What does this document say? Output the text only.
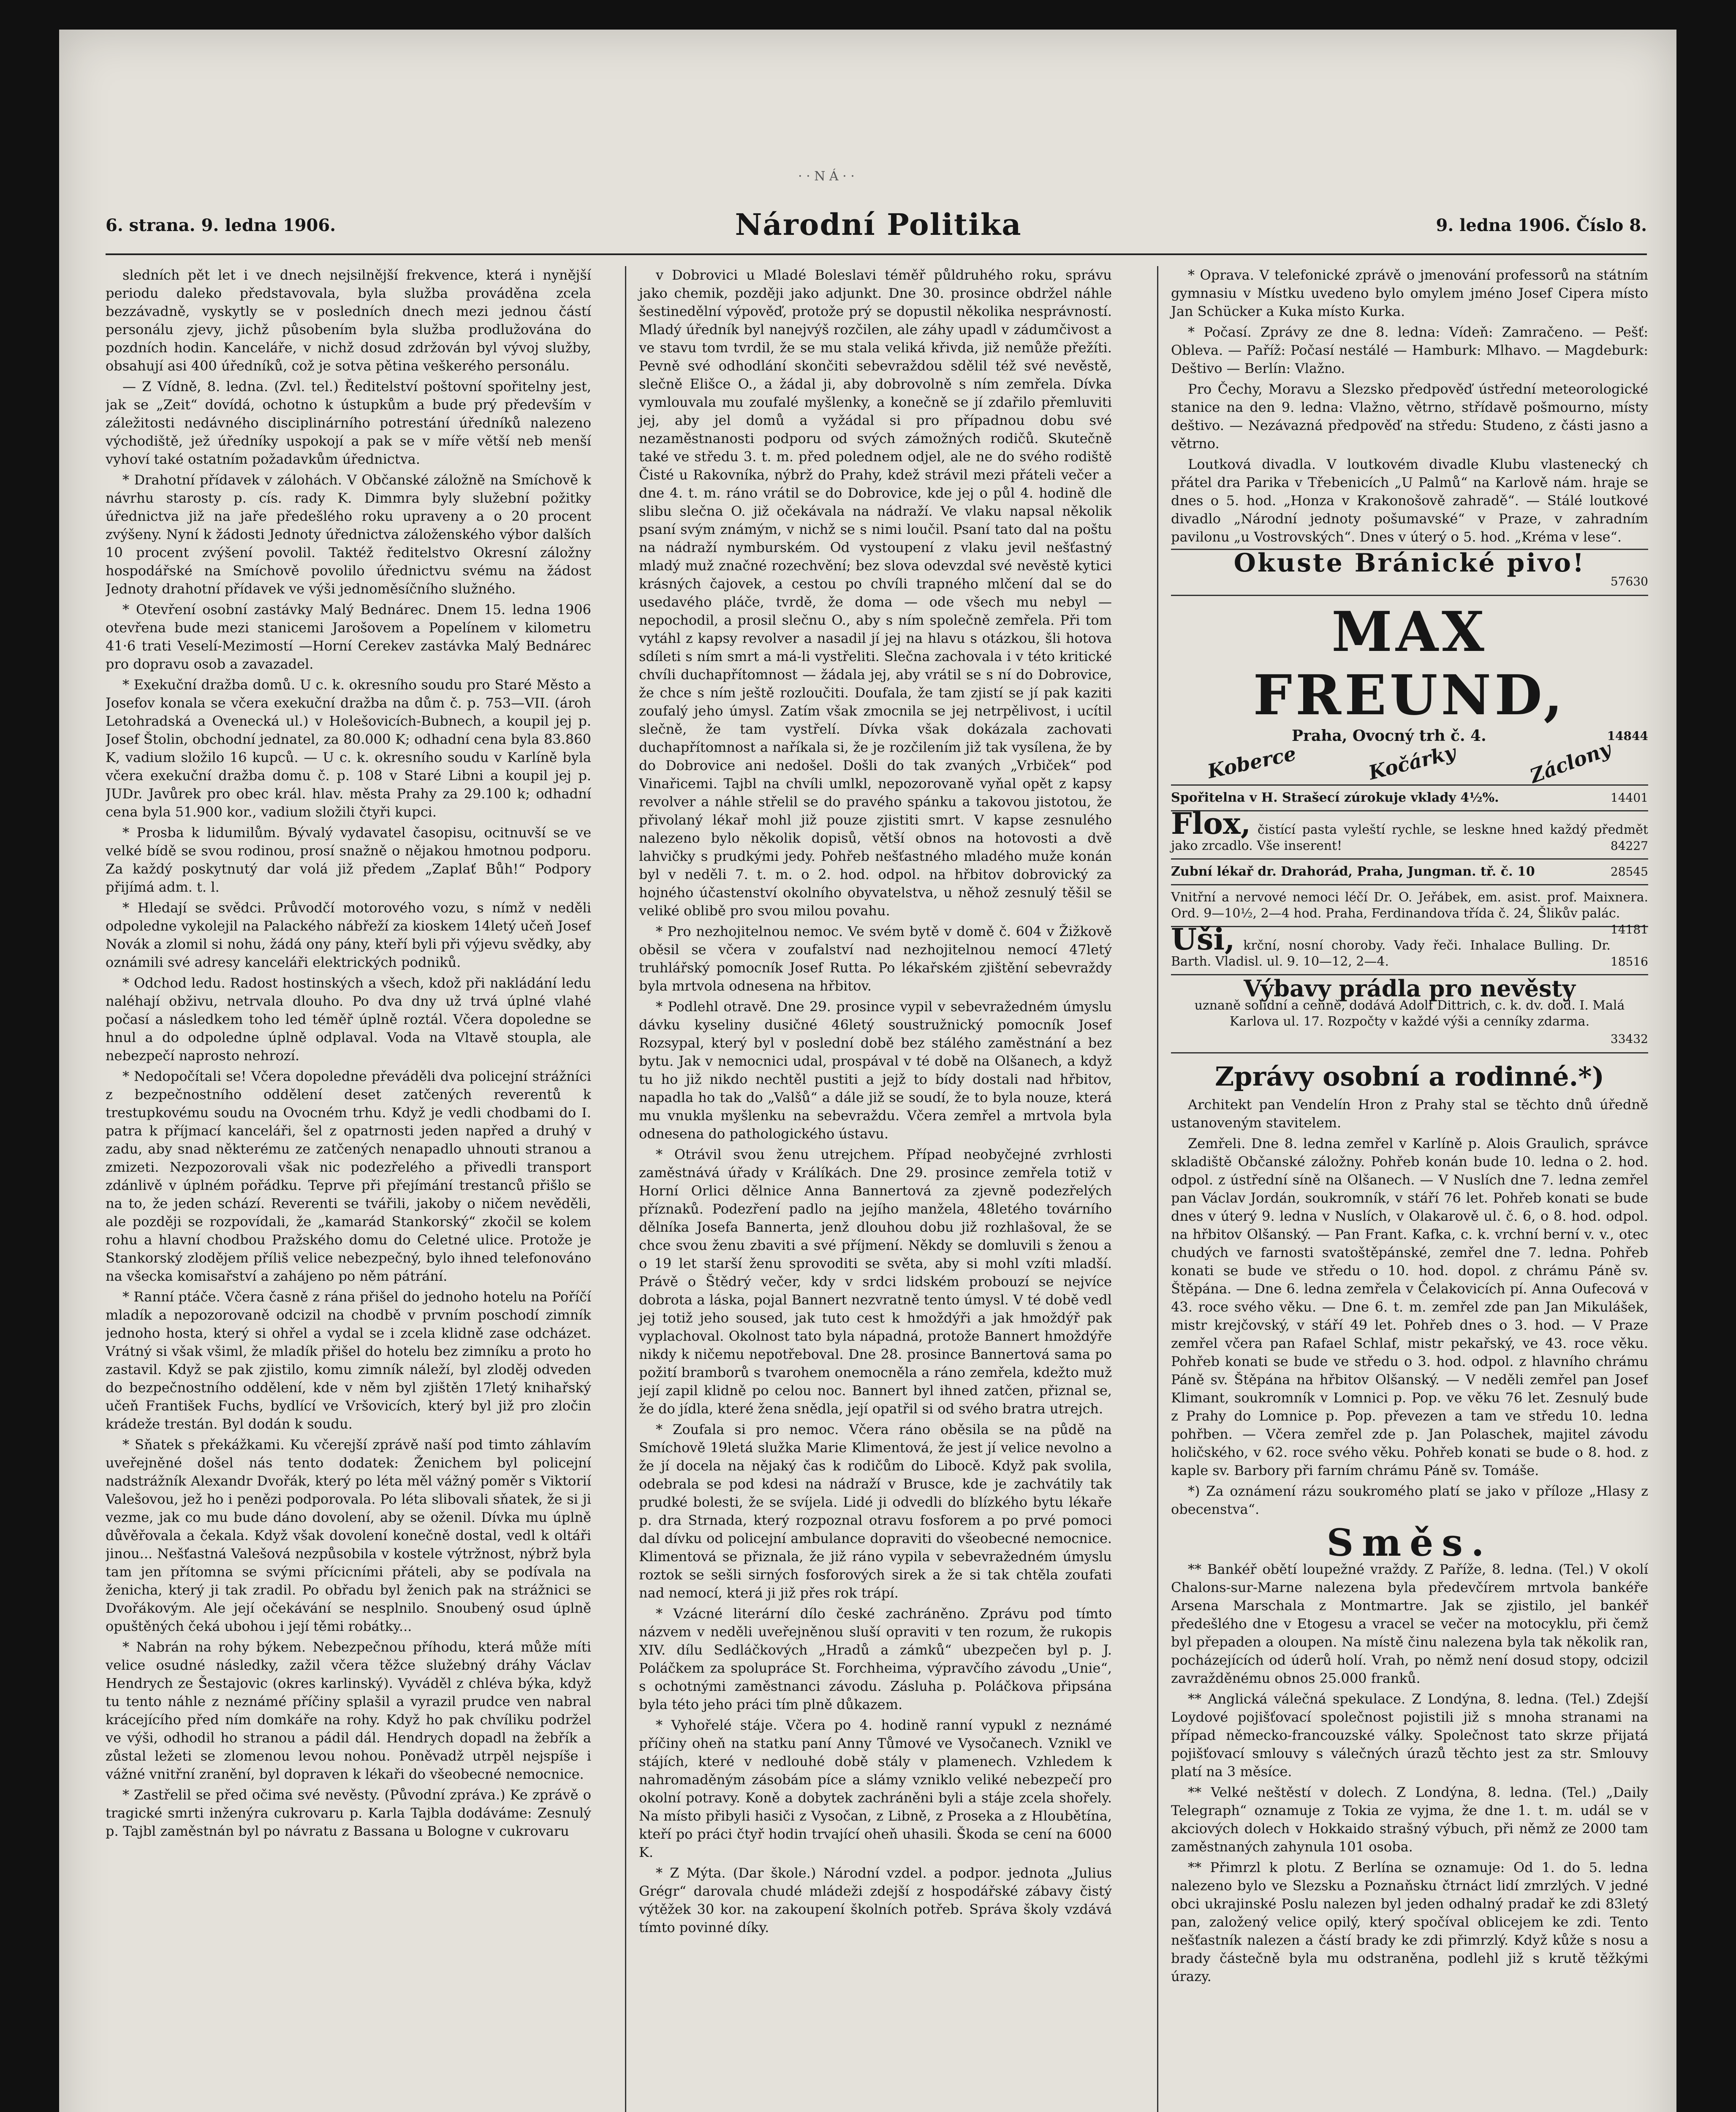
· · N Á · ·
6. strana. 9. ledna 1906.	Národní Politika	9. ledna 1906. Číslo 8.

sledních pět let i ve dnech nejsilnější frekvence, která i nynější periodu daleko představovala, byla služba prováděna zcela bezzávadně, vyskytly se v posledních dnech mezi jednou částí personálu zjevy, jichž působením byla služba prodlužována do pozdních hodin. Kanceláře, v nichž dosud zdržován byl vývoj služby, obsahují asi 400 úředníků, což je sotva pětina veškerého personálu.

— Z Vídně, 8. ledna. (Zvl. tel.) Ředitelství poštovní spořitelny jest, jak se „Zeit“ dovídá, ochotno k ústupkům a bude prý především v záležitosti nedávného disciplinárního potrestání úředníků nalezeno východiště, jež úředníky uspokojí a pak se v míře větší neb menší vyhoví také ostatním požadavkům úřednictva.

* Drahotní přídavek v zálohách. V Občanské záložně na Smíchově k návrhu starosty p. cís. rady K. Dimmra byly služební požitky úřednictva již na jaře předešlého roku upraveny a o 20 procent zvýšeny. Nyní k žádosti Jednoty úřednictva záloženského výbor dalších 10 procent zvýšení povolil. Taktéž ředitelstvo Okresní záložny hospodářské na Smíchově povolilo úřednictvu svému na žádost Jednoty drahotní přídavek ve výši jednoměsíčního služného.

* Otevření osobní zastávky Malý Bednárec. Dnem 15. ledna 1906 otevřena bude mezi stanicemi Jarošovem a Popelínem v kilometru 41·6 trati Veselí-Mezimostí —Horní Cerekev zastávka Malý Bednárec pro dopravu osob a zavazadel.

* Exekuční dražba domů. U c. k. okresního soudu pro Staré Město a Josefov konala se včera exekuční dražba na dům č. p. 753—VII. (ároh Letohradská a Ovenecká ul.) v Holešovicích-Bubnech, a koupil jej p. Josef Štolin, obchodní jednatel, za 80.000 K; odhadní cena byla 83.860 K, vadium složilo 16 kupců. — U c. k. okresního soudu v Karlíně byla včera exekuční dražba domu č. p. 108 v Staré Libni a koupil jej p. JUDr. Javůrek pro obec král. hlav. města Prahy za 29.100 k; odhadní cena byla 51.900 kor., vadium složili čtyři kupci.

* Prosba k lidumilům. Bývalý vydavatel časopisu, ocitnuvší se ve velké bídě se svou rodinou, prosí snažně o nějakou hmotnou podporu. Za každý poskytnutý dar volá již předem „Zaplať Bůh!“ Podpory přijímá adm. t. l.

* Hledají se svědci. Průvodčí motorového vozu, s nímž v neděli odpoledne vykolejil na Palackého nábřeží za kioskem 14letý učeň Josef Novák a zlomil si nohu, žádá ony pány, kteří byli při výjevu svědky, aby oznámili své adresy kanceláři elektrických podniků.

* Odchod ledu. Radost hostinských a všech, kdož při nakládání ledu naléhají obživu, netrvala dlouho. Po dva dny už trvá úplné vlahé počasí a následkem toho led téměř úplně roztál. Včera dopoledne se hnul a do odpoledne úplně odplaval. Voda na Vltavě stoupla, ale nebezpečí naprosto nehrozí.

* Nedopočítali se! Včera dopoledne převáděli dva policejní strážníci z bezpečnostního oddělení deset zatčených reverentů k trestupkovému soudu na Ovocném trhu. Když je vedli chodbami do I. patra k příjmací kanceláři, šel z opatrnosti jeden napřed a druhý v zadu, aby snad některému ze zatčených nenapadlo uhnouti stranou a zmizeti. Nezpozorovali však nic podezřelého a přivedli transport zdánlivě v úplném pořádku. Teprve při přejímání trestanců přišlo se na to, že jeden schází. Reverenti se tvářili, jakoby o ničem nevěděli, ale později se rozpovídali, že „kamarád Stankorský“ zkočil se kolem rohu a hlavní chodbou Pražského domu do Celetné ulice. Protože je Stankorský zlodějem příliš velice nebezpečný, bylo ihned telefonováno na všecka komisařství a zahájeno po něm pátrání.

* Ranní ptáče. Včera časně z rána přišel do jednoho hotelu na Poříčí mladík a nepozorovaně odcizil na chodbě v prvním poschodí zimník jednoho hosta, který si ohřel a vydal se i zcela klidně zase odcházet. Vrátný si však všiml, že mladík přišel do hotelu bez zimníku a proto ho zastavil. Když se pak zjistilo, komu zimník náleží, byl zloděj odveden do bezpečnostního oddělení, kde v něm byl zjištěn 17letý knihařský učeň František Fuchs, bydlící ve Vršovicích, který byl již pro zločin krádeže trestán. Byl dodán k soudu.

* Sňatek s překážkami. Ku včerejší zprávě naší pod timto záhlavím uveřejněné došel nás tento dodatek: Ženichem byl policejní nadstrážník Alexandr Dvořák, který po léta měl vážný poměr s Viktorií Valešovou, jež ho i penězi podporovala. Po léta slibovali sňatek, že si ji vezme, jak co mu bude dáno dovolení, aby se oženil. Dívka mu úplně důvěřovala a čekala. Když však dovolení konečně dostal, vedl k oltáři jinou... Nešťastná Valešová nezpůsobila v kostele výtržnost, nýbrž byla tam jen přítomna se svými přícicními přáteli, aby se podívala na ženicha, který ji tak zradil. Po obřadu byl ženich pak na strážnici se Dvořákovým. Ale její očekávání se nesplnilo. Snoubený osud úplně opuštěných čeká ubohou i její těmi robátky...

* Nabrán na rohy býkem. Nebezpečnou příhodu, která může míti velice osudné následky, zažil včera těžce služebný dráhy Václav Hendrych ze Šestajovic (okres karlinský). Vyváděl z chléva býka, když tu tento náhle z neznámé příčiny splašil a vyrazil prudce ven nabral krácejícího před ním domkáře na rohy. Když ho pak chvíliku podržel ve výši, odhodil ho stranou a pádil dál. Hendrych dopadl na žebřík a zůstal ležeti se zlomenou levou nohou. Poněvadž utrpěl nejspíše i vážné vnitřní zranění, byl dopraven k lékaři do všeobecné nemocnice.

* Zastřelil se před očima své nevěsty. (Původní zpráva.) Ke zprávě o tragické smrti inženýra cukrovaru p. Karla Tajbla dodáváme: Zesnulý p. Tajbl zaměstnán byl po návratu z Bassana u Bologne v cukrovaru

v Dobrovici u Mladé Boleslavi téměř půldruhého roku, správu jako chemik, později jako adjunkt. Dne 30. prosince obdržel náhle šestinedělní výpověď, protože prý se dopustil několika nesprávností. Mladý úředník byl nanejvýš rozčilen, ale záhy upadl v zádumčivost a ve stavu tom tvrdil, že se mu stala veliká křivda, již nemůže přežíti. Pevně své odhodlání skončiti sebevraždou sdělil též své nevěstě, slečně Elišce O., a žádal ji, aby dobrovolně s ním zemřela. Dívka vymlouvala mu zoufalé myšlenky, a konečně se jí zdařilo přemluviti jej, aby jel domů a vyžádal si pro případnou dobu své nezaměstnanosti podporu od svých zámožných rodičů. Skutečně také ve středu 3. t. m. před polednem odjel, ale ne do svého rodiště Čisté u Rakovníka, nýbrž do Prahy, kdež strávil mezi přáteli večer a dne 4. t. m. ráno vrátil se do Dobrovice, kde jej o půl 4. hodině dle slibu slečna O. již očekávala na nádraží. Ve vlaku napsal několik psaní svým známým, v nichž se s nimi loučil. Psaní tato dal na poštu na nádraží nymburském. Od vystoupení z vlaku jevil nešťastný mladý muž značné rozechvění; bez slova odevzdal své nevěstě kytici krásných čajovek, a cestou po chvíli trapného mlčení dal se do usedavého pláče, tvrdě, že doma — ode všech mu nebyl — nepochodil, a prosil slečnu O., aby s ním společně zemřela. Při tom vytáhl z kapsy revolver a nasadil jí jej na hlavu s otázkou, šli hotova sdíleti s ním smrt a má-li vystřeliti. Slečna zachovala i v této kritické chvíli duchapřítomnost — žádala jej, aby vrátil se s ní do Dobrovice, že chce s ním ještě rozloučiti. Doufala, že tam zjistí se jí pak kaziti zoufalý jeho úmysl. Zatím však zmocnila se jej netrpělivost, i ucítil slečně, že tam vystřelí. Dívka však dokázala zachovati duchapřítomnost a naříkala si, že je rozčilením již tak vysílena, že by do Dobrovice ani nedošel. Došli do tak zvaných „Vrbiček“ pod Vinařicemi. Tajbl na chvíli umlkl, nepozorovaně vyňal opět z kapsy revolver a náhle střelil se do pravého spánku a takovou jistotou, že přivolaný lékař mohl již pouze zjistiti smrt. V kapse zesnulého nalezeno bylo několik dopisů, větší obnos na hotovosti a dvě lahvičky s prudkými jedy. Pohřeb nešťastného mladého muže konán byl v neděli 7. t. m. o 2. hod. odpol. na hřbitov dobrovický za hojného účastenství okolního obyvatelstva, u něhož zesnulý těšil se veliké oblibě pro svou milou povahu.

* Pro nezhojitelnou nemoc. Ve svém bytě v domě č. 604 v Žižkově oběsil se včera v zoufalství nad nezhojitelnou nemocí 47letý truhlářský pomocník Josef Rutta. Po lékařském zjištění sebevraždy byla mrtvola odnesena na hřbitov.

* Podlehl otravě. Dne 29. prosince vypil v sebevražedném úmyslu dávku kyseliny dusičné 46letý soustružnický pomocník Josef Rozsypal, který byl v poslední době bez stálého zaměstnání a bez bytu. Jak v nemocnici udal, prospával v té době na Olšanech, a když tu ho již nikdo nechtěl pustiti a jejž to bídy dostali nad hřbitov, napadla ho tak do „Valšů“ a dále již se soudí, že to byla nouze, která mu vnukla myšlenku na sebevraždu. Včera zemřel a mrtvola byla odnesena do pathologického ústavu.

* Otrávil svou ženu utrejchem. Případ neobyčejné zvrhlosti zaměstnává úřady v Králíkách. Dne 29. prosince zemřela totiž v Horní Orlici dělnice Anna Bannertová za zjevně podezřelých příznaků. Podezření padlo na jejího manžela, 48letého továrního dělníka Josefa Bannerta, jenž dlouhou dobu již rozhlašoval, že se chce svou ženu zbaviti a své příjmení. Někdy se domluvili s ženou a o 19 let starší ženu sprovoditi se světa, aby si mohl vzíti mladší. Právě o Štědrý večer, kdy v srdci lidském probouzí se nejvíce dobrota a láska, pojal Bannert nezvratně tento úmysl. V té době vedl jej totiž jeho soused, jak tuto cest k hmoždýři a jak hmoždýř pak vyplachoval. Okolnost tato byla nápadná, protože Bannert hmoždýře nikdy k ničemu nepotřeboval. Dne 28. prosince Bannertová sama po požití bramborů s tvarohem onemocněla a ráno zemřela, kdežto muž její zapil klidně po celou noc. Bannert byl ihned zatčen, přiznal se, že do jídla, které žena snědla, její opatřil si od svého bratra utrejch.

* Zoufala si pro nemoc. Včera ráno oběsila se na půdě na Smíchově 19letá služka Marie Klimentová, že jest jí velice nevolno a že jí docela na nějaký čas k rodičům do Libocě. Když pak svolila, odebrala se pod kdesi na nádraží v Brusce, kde je zachvátily tak prudké bolesti, že se svíjela. Lidé ji odvedli do blízkého bytu lékaře p. dra Strnada, který rozpoznal otravu fosforem a po prvé pomoci dal dívku od policejní ambulance dopraviti do všeobecné nemocnice. Klimentová se přiznala, že již ráno vypila v sebevražedném úmyslu roztok se sešli sirných fosforových sirek a že si tak chtěla zoufati nad nemocí, která ji již přes rok trápí.

* Vzácné literární dílo české zachráněno. Zprávu pod tímto názvem v neděli uveřejněnou sluší opraviti v ten rozum, že rukopis XIV. dílu Sedláčkových „Hradů a zámků“ ubezpečen byl p. J. Poláčkem za spolupráce St. Forchheima, výpravčího závodu „Unie“, s ochotnými zaměstnanci závodu. Zásluha p. Poláčkova připsána byla této jeho práci tím plně důkazem.

* Vyhořelé stáje. Včera po 4. hodině ranní vypukl z neznámé příčiny oheň na statku paní Anny Tůmové ve Vysočanech. Vznikl ve stájích, které v nedlouhé době stály v plamenech. Vzhledem k nahromaděným zásobám píce a slámy vzniklo veliké nebezpečí pro okolní potravy. Koně a dobytek zachráněni byli a stáje zcela shořely. Na místo přibyli hasiči z Vysočan, z Libně, z Proseka a z Hloubětína, kteří po práci čtyř hodin trvající oheň uhasili. Škoda se cení na 6000 K.

* Z Mýta. (Dar škole.) Národní vzdel. a podpor. jednota „Julius Grégr“ darovala chudé mládeži zdejší z hospodářské zábavy čistý výtěžek 30 kor. na zakoupení školních potřeb. Správa školy vzdává tímto povinné díky.

* Oprava. V telefonické zprávě o jmenování professorů na státním gymnasiu v Místku uvedeno bylo omylem jméno Josef Cipera místo Jan Schücker a Kuka místo Kurka.

* Počasí. Zprávy ze dne 8. ledna: Vídeň: Zamračeno. — Pešť: Oblevа. — Paříž: Počasí nestálé — Hamburk: Mlhavo. — Magdeburk: Deštivo — Berlín: Vlažno.

Pro Čechy, Moravu a Slezsko předpověď ústřední meteorologické stanice na den 9. ledna: Vlažno, větrno, střídavě pošmourno, místy deštivo. — Nezávazná předpověď na středu: Studeno, z části jasno a větrno.

Loutková divadla. V loutkovém divadle Klubu vlastenecký ch přátel dra Parika v Třebenicích „U Palmů“ na Karlově nám. hraje se dnes o 5. hod. „Honza v Krakonošově zahradě“. — Stálé loutkové divadlo „Národní jednoty pošumavské“ v Praze, v zahradním pavilonu „u Vostrovských“. Dnes v úterý o 5. hod. „Kréma v lese“.

Okuste Bránické pivo!
57630
MAX FREUND,
Praha, Ovocný trh č. 4.	14844
Koberce	Kočárky	Záclony
Spořitelna v H. Strašecí zúrokuje vklady 4½%.	14401
Flox, čistící pasta vyleští rychle, se leskne hned každý předmět jako zrcadlo. Vše inserent!	84227
Zubní lékař dr. Drahorád, Praha, Jungman. tř. č. 10	28545
Vnitřní a nervové nemoci léčí Dr. O. Jeřábek, em. asist. prof. Maixnera. Ord. 9—10½, 2—4 hod. Praha, Ferdinandova třída č. 24, Šlikův palác.
14181
Uši, krční, nosní choroby. Vady řeči. Inhalace Bulling. Dr. Barth. Vladisl. ul. 9. 10—12, 2—4.	18516
Výbavy prádla pro nevěsty
uznaně solidní a cenně, dodává Adolf Dittrich, c. k. dv. dod. I. Malá Karlova ul. 17. Rozpočty v každé výši a cenníky zdarma.
33432
Zprávy osobní a rodinné.*)

Architekt pan Vendelín Hron z Prahy stal se těchto dnů úředně ustanoveným stavitelem.

Zemřeli. Dne 8. ledna zemřel v Karlíně p. Alois Graulich, správce skladiště Občanské záložny. Pohřeb konán bude 10. ledna o 2. hod. odpol. z ústřední síně na Olšanech. — V Nuslích dne 7. ledna zemřel pan Václav Jordán, soukromník, v stáří 76 let. Pohřeb konati se bude dnes v úterý 9. ledna v Nuslích, v Olakarově ul. č. 6, o 8. hod. odpol. na hřbitov Olšanský. — Pan Frant. Kafka, c. k. vrchní berní v. v., otec chudých ve farnosti svatoštěpánské, zemřel dne 7. ledna. Pohřeb konati se bude ve středu o 10. hod. dopol. z chrámu Páně sv. Štěpána. — Dne 6. ledna zemřela v Čelakovicích pí. Anna Oufecová v 43. roce svého věku. — Dne 6. t. m. zemřel zde pan Jan Mikulášek, mistr krejčovský, v stáří 49 let. Pohřeb dnes o 3. hod. — V Praze zemřel včera pan Rafael Schlaf, mistr pekařský, ve 43. roce věku. Pohřeb konati se bude ve středu o 3. hod. odpol. z hlavního chrámu Páně sv. Štěpána na hřbitov Olšanský. — V neděli zemřel pan Josef Klimant, soukromník v Lomnici p. Pop. ve věku 76 let. Zesnulý bude z Prahy do Lomnice p. Pop. převezen a tam ve středu 10. ledna pohřben. — Včera zemřel zde p. Jan Polaschek, majitel závodu holičského, v 62. roce svého věku. Pohřeb konati se bude o 8. hod. z kaple sv. Barbory při farním chrámu Páně sv. Tomáše.

*) Za oznámení rázu soukromého platí se jako v příloze „Hlasy z obecenstva“.

Směs.

** Bankéř obětí loupežné vraždy. Z Paříže, 8. ledna. (Tel.) V okolí Chalons-sur-Marne nalezena byla předevčírem mrtvola bankéře Arsena Marschala z Montmartre. Jak se zjistilo, jel bankéř předešlého dne v Etogesu a vracel se večer na motocyklu, při čemž byl přepaden a oloupen. Na místě činu nalezena byla tak několik ran, pocházejících od úderů holí. Vrah, po němž není dosud stopy, odcizil zavražděnému obnos 25.000 franků.

** Anglická válečná spekulace. Z Londýna, 8. ledna. (Tel.) Zdejší Loydové pojišťovací společnost pojistili již s mnoha stranami na případ německo-francouzské války. Společnost tato skrze přijatá pojišťovací smlouvy s válečných úrazů těchto jest za str. Smlouvy platí na 3 měsíce.

** Velké neštěstí v dolech. Z Londýna, 8. ledna. (Tel.) „Daily Telegraph“ oznamuje z Tokia ze vyjma, že dne 1. t. m. udál se v akciových dolech v Hokkaido strašný výbuch, při němž ze 2000 tam zaměstnaných zahynula 101 osoba.

** Přimrzl k plotu. Z Berlína se oznamuje: Od 1. do 5. ledna nalezeno bylo ve Slezsku a Poznaňsku čtrnáct lidí zmrzlých. V jedné obci ukrajinské Poslu nalezen byl jeden odhalný pradař ke zdi 83letý pan, založený velice opilý, který spočíval oblicejem ke zdi. Tento nešťastník nalezen a částí brady ke zdi přimrzlý. Když kůže s nosu a brady částečně byla mu odstraněna, podlehl již s krutě těžkými úrazy.
